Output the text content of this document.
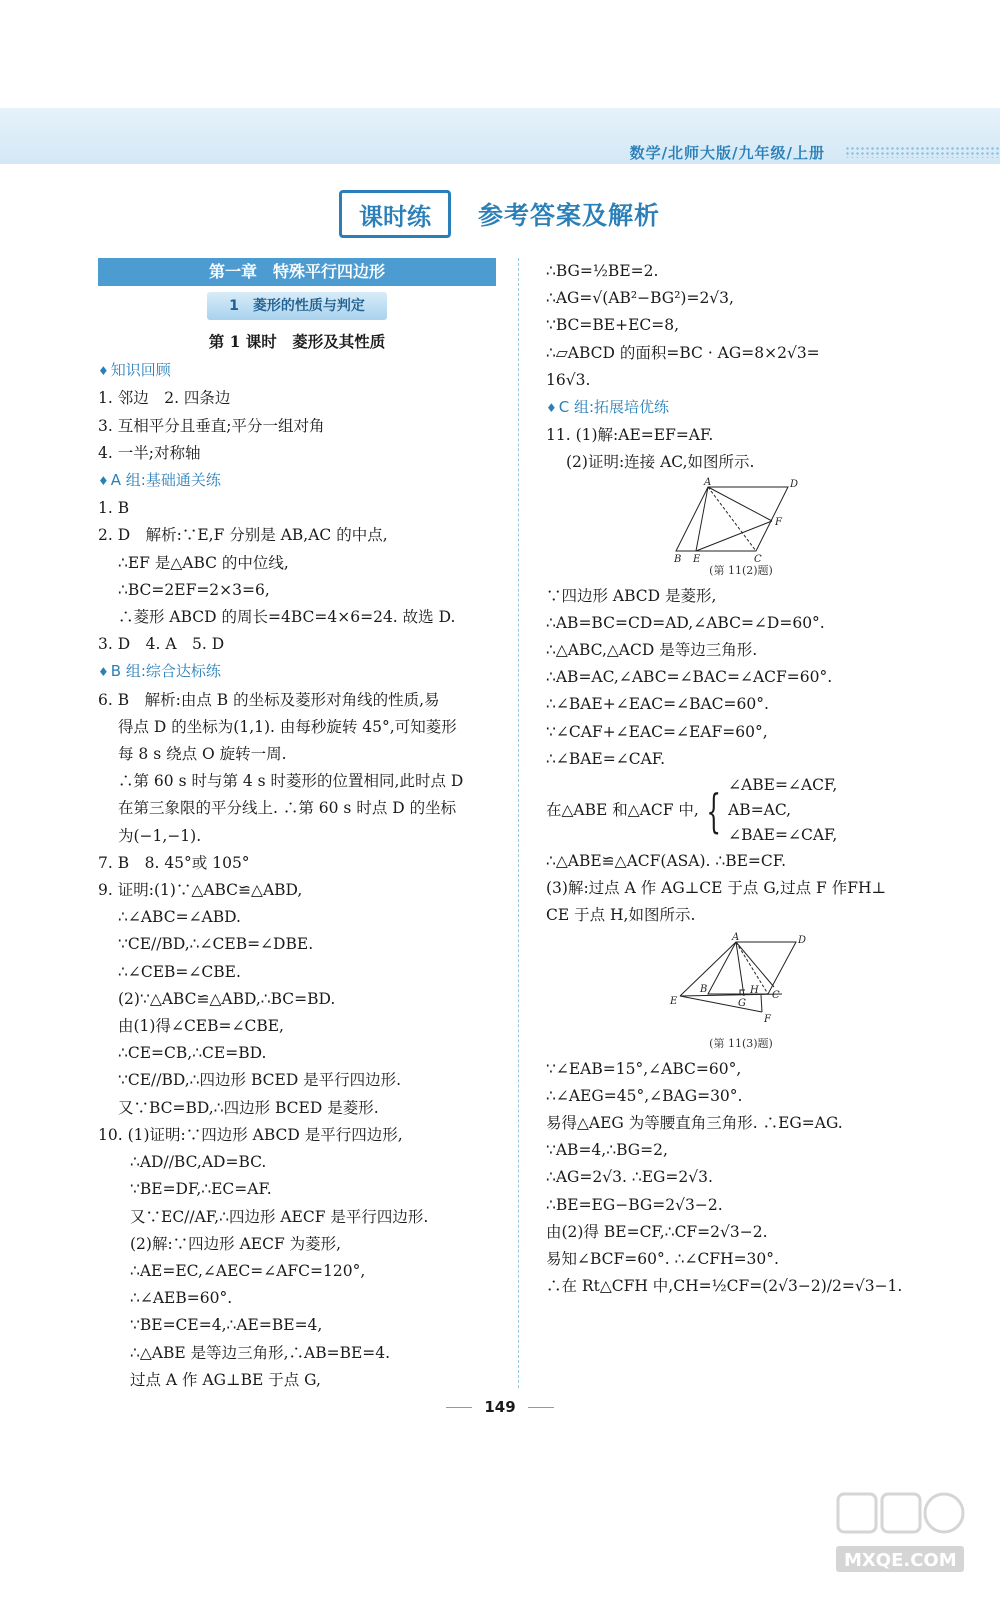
数学/北师大版/九年级/上册
课时练	参考答案及解析
第一章　特殊平行四边形
1　菱形的性质与判定
第 1 课时　菱形及其性质
♦ 知识回顾
1. 邻边　2. 四条边
3. 互相平分且垂直;平分一组对角
4. 一半;对称轴
♦ A 组:基础通关练
1. B
2. D　解析:∵E,F 分别是 AB,AC 的中点,
∴EF 是△ABC 的中位线,
∴BC=2EF=2×3=6,
∴菱形 ABCD 的周长=4BC=4×6=24. 故选 D.
3. D　4. A　5. D
♦ B 组:综合达标练
6. B　解析:由点 B 的坐标及菱形对角线的性质,易
得点 D 的坐标为(1,1). 由每秒旋转 45°,可知菱形
每 8 s 绕点 O 旋转一周.
∴第 60 s 时与第 4 s 时菱形的位置相同,此时点 D
在第三象限的平分线上. ∴第 60 s 时点 D 的坐标
为(−1,−1).
7. B　8. 45°或 105°
9. 证明:(1)∵△ABC≌△ABD,
∴∠ABC=∠ABD.
∵CE//BD,∴∠CEB=∠DBE.
∴∠CEB=∠CBE.
(2)∵△ABC≌△ABD,∴BC=BD.
由(1)得∠CEB=∠CBE,
∴CE=CB,∴CE=BD.
∵CE//BD,∴四边形 BCED 是平行四边形.
又∵BC=BD,∴四边形 BCED 是菱形.
10. (1)证明:∵四边形 ABCD 是平行四边形,
∴AD//BC,AD=BC.
∵BE=DF,∴EC=AF.
又∵EC//AF,∴四边形 AECF 是平行四边形.
(2)解:∵四边形 AECF 为菱形,
∴AE=EC,∠AEC=∠AFC=120°,
∴∠AEB=60°.
∵BE=CE=4,∴AE=BE=4,
∴△ABE 是等边三角形,∴AB=BE=4.
过点 A 作 AG⊥BE 于点 G,
∴BG=½BE=2.
∴AG=√(AB²−BG²)=2√3,
∵BC=BE+EC=8,
∴▱ABCD 的面积=BC · AG=8×2√3=
16√3.
♦ C 组:拓展培优练
11. (1)解:AE=EF=AF.
(2)证明:连接 AC,如图所示.
A	D
F
B E	C
(第 11(2)题)
∵四边形 ABCD 是菱形,
∴AB=BC=CD=AD,∠ABC=∠D=60°.
∴△ABC,△ACD 是等边三角形.
∴AB=AC,∠ABC=∠BAC=∠ACF=60°.
∴∠BAE+∠EAC=∠BAC=60°.
∵∠CAF+∠EAC=∠EAF=60°,
∴∠BAE=∠CAF.
在△ABE 和△ACF 中, { ∠ABE=∠ACF,
AB=AC,
∠BAE=∠CAF,
∴△ABE≌△ACF(ASA). ∴BE=CF.
(3)解:过点 A 作 AG⊥CE 于点 G,过点 F 作FH⊥
CE 于点 H,如图所示.
A	D
B	H C
E	G
F
(第 11(3)题)
∵∠EAB=15°,∠ABC=60°,
∴∠AEG=45°,∠BAG=30°.
易得△AEG 为等腰直角三角形. ∴EG=AG.
∵AB=4,∴BG=2,
∴AG=2√3. ∴EG=2√3.
∴BE=EG−BG=2√3−2.
由(2)得 BE=CF,∴CF=2√3−2.
易知∠BCF=60°. ∴∠CFH=30°.
∴在 Rt△CFH 中,CH=½CF=(2√3−2)/2=√3−1.
149
MXQE.COM
